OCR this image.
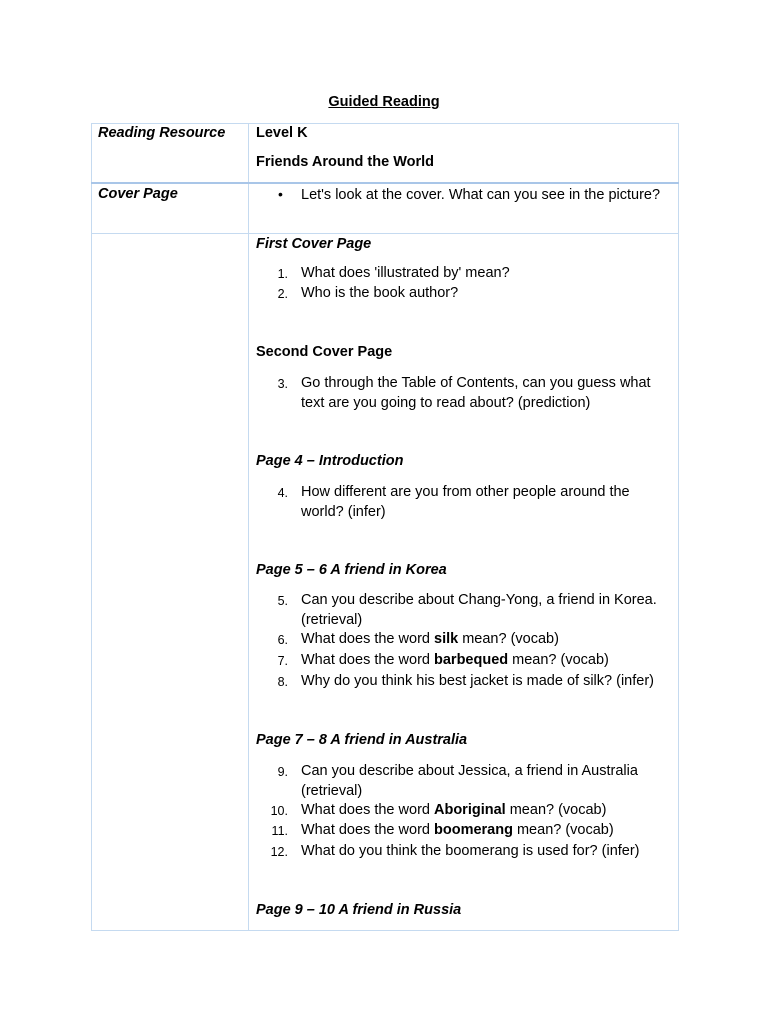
Guided Reading
Reading Resource Level K
Friends Around the World
Cover Page	• Let's look at the cover. What can you see in the picture?
First Cover Page
1. What does 'illustrated by' mean?
2. Who is the book author?
Second Cover Page
3. Go through the Table of Contents, can you guess what text are you going to read about? (prediction)
Page 4 – Introduction
4. How different are you from other people around the world? (infer)
Page 5 – 6 A friend in Korea
5. Can you describe about Chang-Yong, a friend in Korea. (retrieval)
6. What does the word silk mean? (vocab)
7. What does the word barbequed mean? (vocab)
8. Why do you think his best jacket is made of silk? (infer)
Page 7 – 8 A friend in Australia
9. Can you describe about Jessica, a friend in Australia (retrieval)
10. What does the word Aboriginal mean? (vocab)
11. What does the word boomerang mean? (vocab)
12. What do you think the boomerang is used for? (infer)
Page 9 – 10 A friend in Russia
